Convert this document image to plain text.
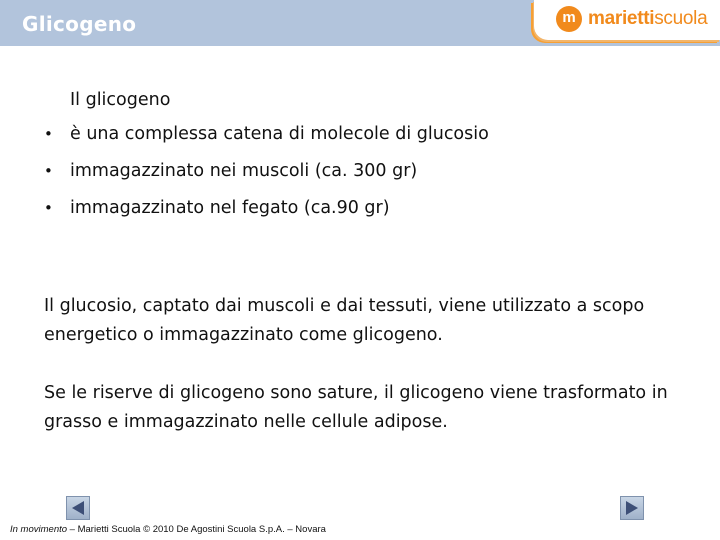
Glicogeno	m mariettiscuola
Il glicogeno
• è una complessa catena di molecole di glucosio
• immagazzinato nei muscoli (ca. 300 gr)
• immagazzinato nel fegato (ca.90 gr)
Il glucosio, captato dai muscoli e dai tessuti, viene utilizzato a scopo energetico o immagazzinato come glicogeno.
Se le riserve di glicogeno sono sature, il glicogeno viene trasformato in grasso e immagazzinato nelle cellule adipose.
In movimento – Marietti Scuola © 2010 De Agostini Scuola S.p.A. – Novara
